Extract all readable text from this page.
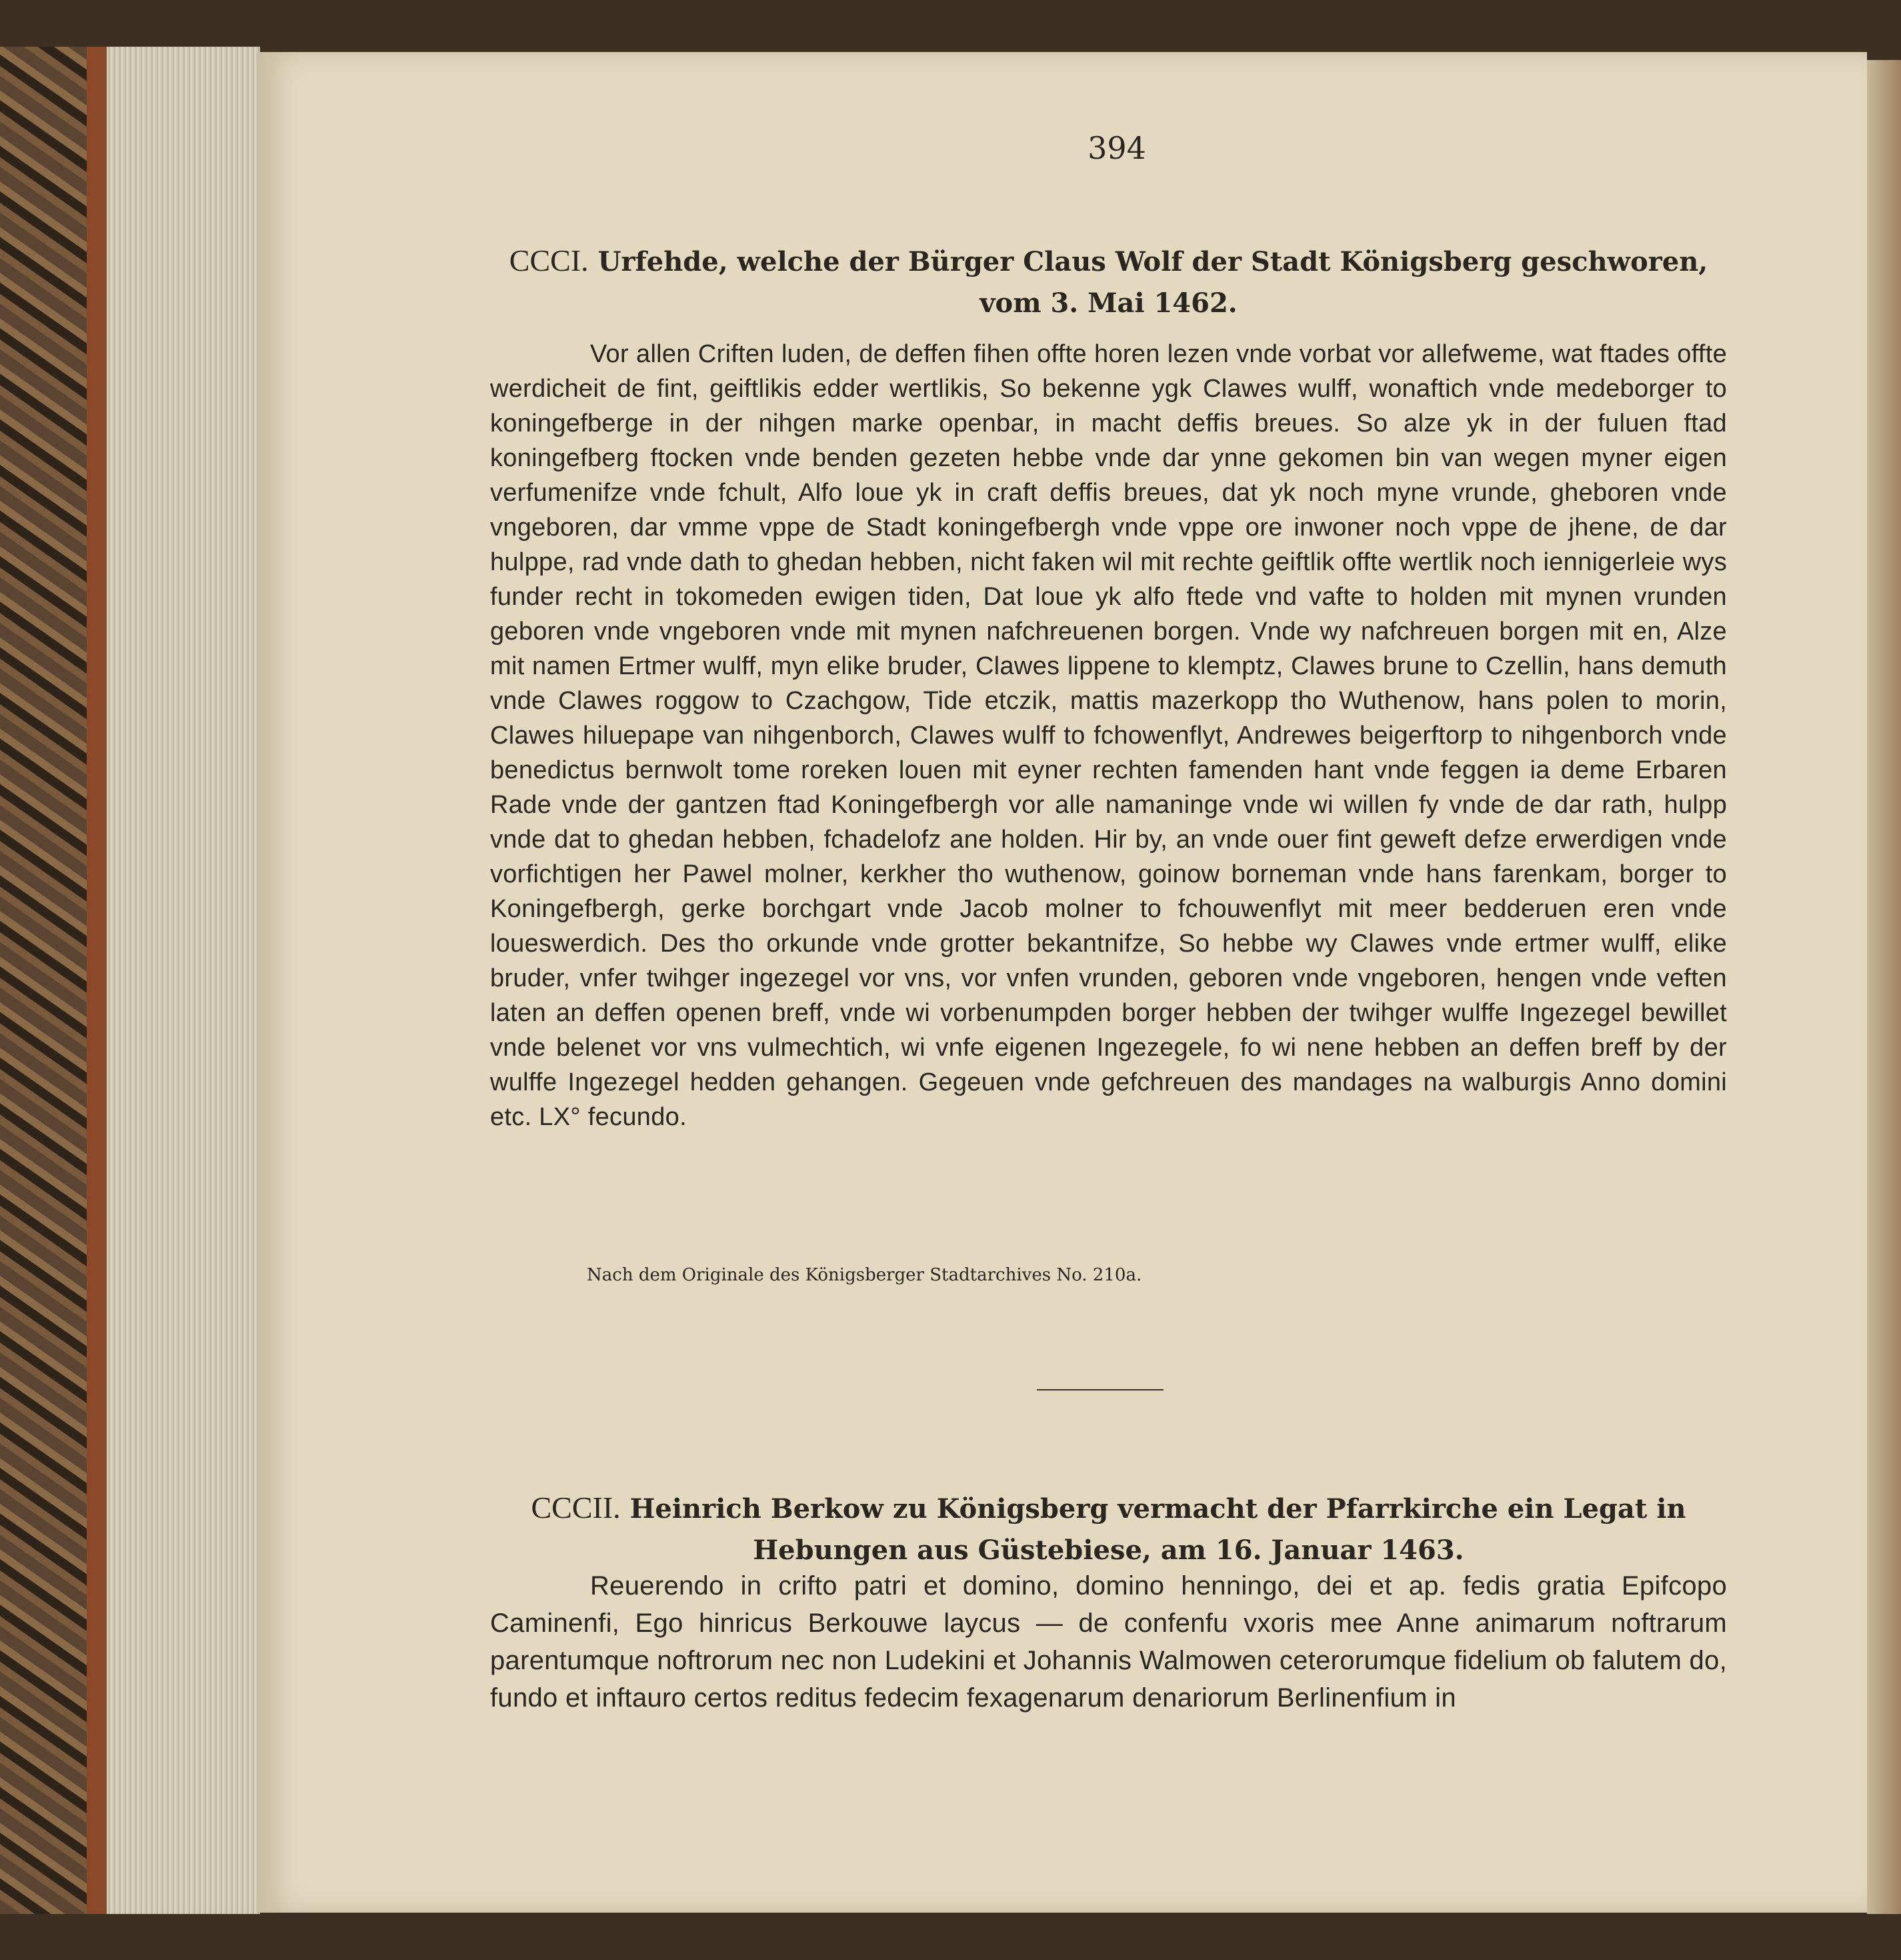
394
CCCI. Urfehde, welche der Bürger Claus Wolf der Stadt Königsberg geschworen, vom 3. Mai 1462.

Vor allen Criften luden, de deffen fihen offte horen lezen vnde vorbat vor allefweme, wat ftades offte werdicheit de fint, geiftlikis edder wertlikis, So bekenne ygk Clawes wulff, wonaftich vnde medeborger to koningefberge in der nihgen marke openbar, in macht deffis breues. So alze yk in der fuluen ftad koningefberg ftocken vnde benden gezeten hebbe vnde dar ynne gekomen bin van wegen myner eigen verfumenifze vnde fchult, Alfo loue yk in craft deffis breues, dat yk noch myne vrunde, gheboren vnde vngeboren, dar vmme vppe de Stadt koningefbergh vnde vppe ore inwoner noch vppe de jhene, de dar hulppe, rad vnde dath to ghedan hebben, nicht faken wil mit rechte geiftlik offte wertlik noch iennigerleie wys funder recht in tokomeden ewigen tiden, Dat loue yk alfo ftede vnd vafte to holden mit mynen vrunden geboren vnde vngeboren vnde mit mynen nafchreuenen borgen. Vnde wy nafchreuen borgen mit en, Alze mit namen Ertmer wulff, myn elike bruder, Clawes lippene to klemptz, Clawes brune to Czellin, hans demuth vnde Clawes roggow to Czachgow, Tide etczik, mattis mazerkopp tho Wuthenow, hans polen to morin, Clawes hiluepape van nihgenborch, Clawes wulff to fchowenflyt, Andrewes beigerftorp to nihgenborch vnde benedictus bernwolt tome roreken louen mit eyner rechten famenden hant vnde feggen ia deme Erbaren Rade vnde der gantzen ftad Koningefbergh vor alle namaninge vnde wi willen fy vnde de dar rath, hulpp vnde dat to ghedan hebben, fchadelofz ane holden. Hir by, an vnde ouer fint geweft defze erwerdigen vnde vorfichtigen her Pawel molner, kerkher tho wuthenow, goinow borneman vnde hans farenkam, borger to Koningefbergh, gerke borchgart vnde Jacob molner to fchouwenflyt mit meer bedderuen eren vnde loueswerdich. Des tho orkunde vnde grotter bekantnifze, So hebbe wy Clawes vnde ertmer wulff, elike bruder, vnfer twihger ingezegel vor vns, vor vnfen vrunden, geboren vnde vngeboren, hengen vnde veften laten an deffen openen breff, vnde wi vorbenumpden borger hebben der twihger wulffe Ingezegel bewillet vnde belenet vor vns vulmechtich, wi vnfe eigenen Ingezegele, fo wi nene hebben an deffen breff by der wulffe Ingezegel hedden gehangen. Gegeuen vnde gefchreuen des mandages na walburgis Anno domini etc. LX° fecundo.

Nach dem Originale des Königsberger Stadtarchives No. 210a.
CCCII. Heinrich Berkow zu Königsberg vermacht der Pfarrkirche ein Legat in Hebungen aus Güstebiese, am 16. Januar 1463.

Reuerendo in crifto patri et domino, domino henningo, dei et ap. fedis gratia Epifcopo Caminenfi, Ego hinricus Berkouwe laycus — de confenfu vxoris mee Anne animarum noftrarum parentumque noftrorum nec non Ludekini et Johannis Walmowen ceterorumque fidelium ob falutem do, fundo et inftauro certos reditus fedecim fexagenarum denariorum Berlinenfium in
